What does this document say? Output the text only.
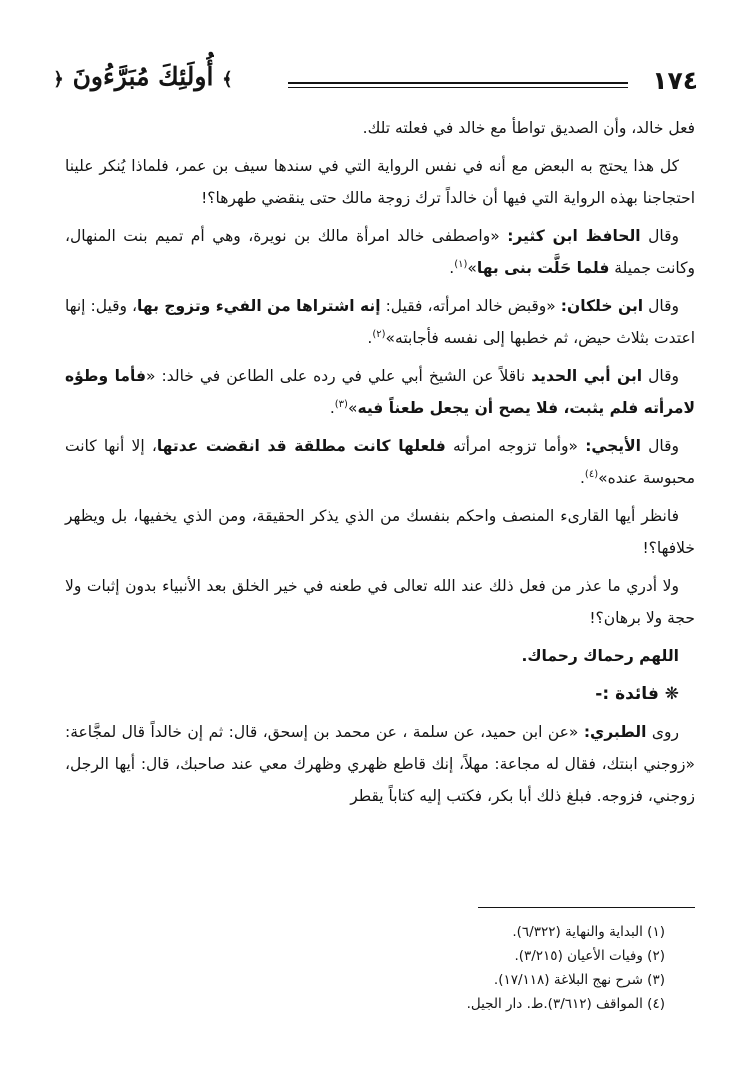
﴿ أُولَئِكَ مُبَرَّءُونَ ﴾	١٧٤

فعل خالد، وأن الصديق تواطأ مع خالد في فعلته تلك.

كل هذا يحتج به البعض مع أنه في نفس الرواية التي في سندها سيف بن عمر، فلماذا يُنكر علينا احتجاجنا بهذه الرواية التي فيها أن خالداً ترك زوجة مالك حتى ينقضي طهرها؟!

وقال الحافظ ابن كثير: «واصطفى خالد امرأة مالك بن نويرة، وهي أم تميم بنت المنهال، وكانت جميلة فلما حَلَّت بنى بها»$^{(١)}$.

وقال ابن خلكان: «وقبض خالد امرأته، فقيل: إنه اشتراها من الفيء وتزوج بها، وقيل: إنها اعتدت بثلاث حيض، ثم خطبها إلى نفسه فأجابته»$^{(٢)}$.

وقال ابن أبي الحديد ناقلاً عن الشيخ أبي علي في رده على الطاعن في خالد: «فأما وطؤه لامرأته فلم يثبت، فلا يصح أن يجعل طعناً فيه»$^{(٣)}$.

وقال الأيجي: «وأما تزوجه امرأته فلعلها كانت مطلقة قد انقضت عدتها، إلا أنها كانت محبوسة عنده»$^{(٤)}$.

فانظر أيها القارىء المنصف واحكم بنفسك من الذي يذكر الحقيقة، ومن الذي يخفيها، بل ويظهر خلافها؟!

ولا أدري ما عذر من فعل ذلك عند الله تعالى في طعنه في خير الخلق بعد الأنبياء بدون إثبات ولا حجة ولا برهان؟!

اللهم رحماك رحماك.

❋ فائدة :-

روى الطبري: «عن ابن حميد، عن سلمة ، عن محمد بن إسحق، قال: ثم إن خالداً قال لمجَّاعة: «زوجني ابنتك، فقال له مجاعة: مهلاً، إنك قاطع ظهري وظهرك معي عند صاحبك، قال: أيها الرجل، زوجني، فزوجه. فبلغ ذلك أبا بكر، فكتب إليه كتاباً يقطر

(١) البداية والنهاية (٦/٣٢٢).
(٢) وفيات الأعيان (٣/٢١٥).
(٣) شرح نهج البلاغة (١٧/١١٨).
(٤) المواقف (٣/٦١٢).ط. دار الجيل.
